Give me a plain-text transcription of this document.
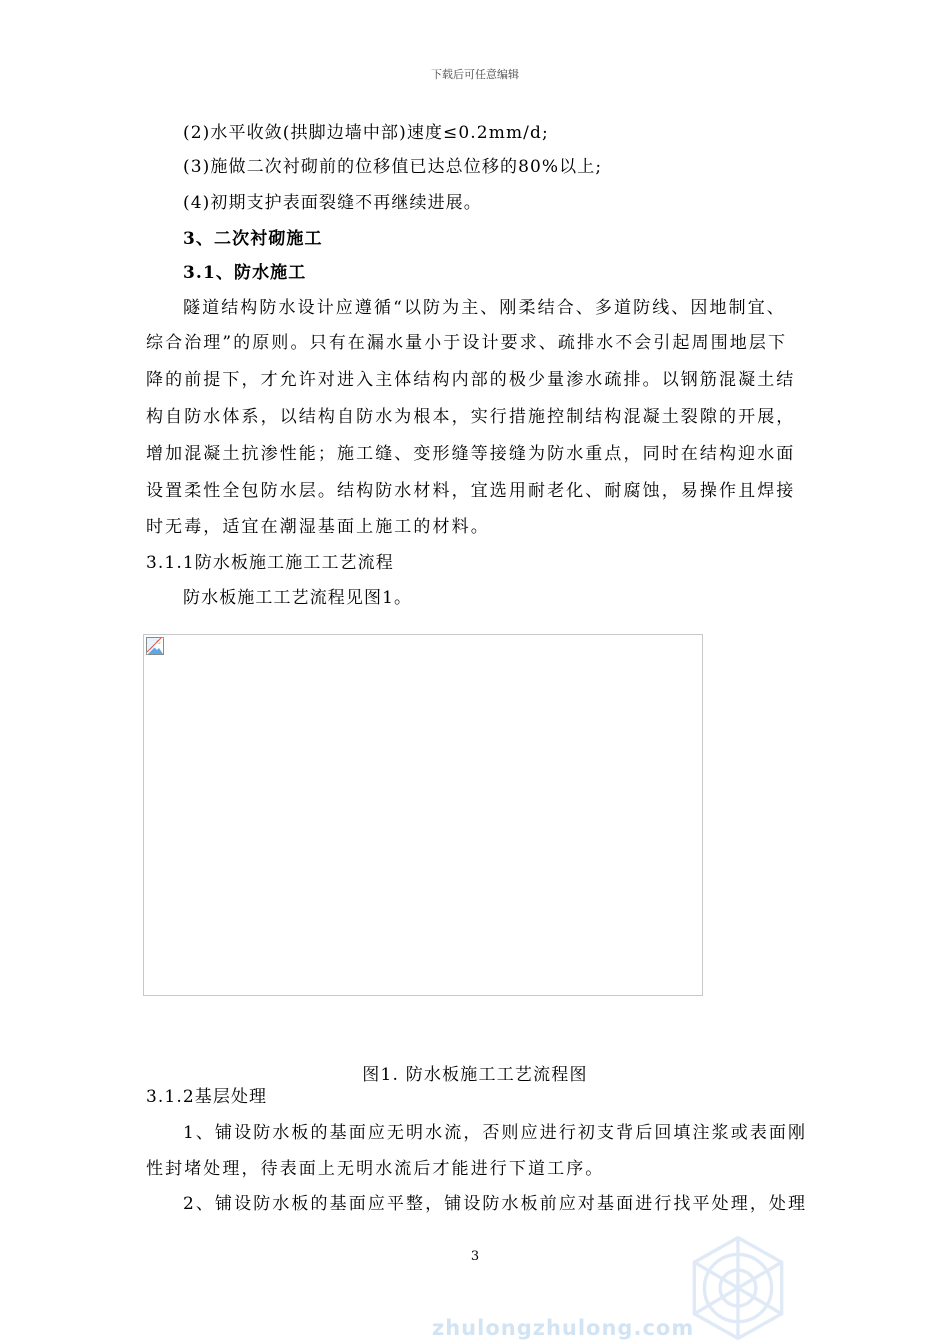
下载后可任意编辑
(2)水平收敛(拱脚边墙中部)速度≤0.2mm/d;
(3)施做二次衬砌前的位移值已达总位移的80%以上;
(4)初期支护表面裂缝不再继续进展。
3、二次衬砌施工
3.1、防水施工
隧道结构防水设计应遵循“以防为主、刚柔结合、多道防线、因地制宜、
综合治理”的原则。只有在漏水量小于设计要求、疏排水不会引起周围地层下
降的前提下，才允许对进入主体结构内部的极少量渗水疏排。以钢筋混凝土结
构自防水体系，以结构自防水为根本，实行措施控制结构混凝土裂隙的开展，
增加混凝土抗渗性能；施工缝、变形缝等接缝为防水重点，同时在结构迎水面
设置柔性全包防水层。结构防水材料，宜选用耐老化、耐腐蚀，易操作且焊接
时无毒，适宜在潮湿基面上施工的材料。
3.1.1防水板施工施工工艺流程
防水板施工工艺流程见图1。
图1. 防水板施工工艺流程图
3.1.2基层处理
1、铺设防水板的基面应无明水流，否则应进行初支背后回填注浆或表面刚
性封堵处理，待表面上无明水流后才能进行下道工序。
2、铺设防水板的基面应平整，铺设防水板前应对基面进行找平处理，处理
3
zhulongzhulong.com
